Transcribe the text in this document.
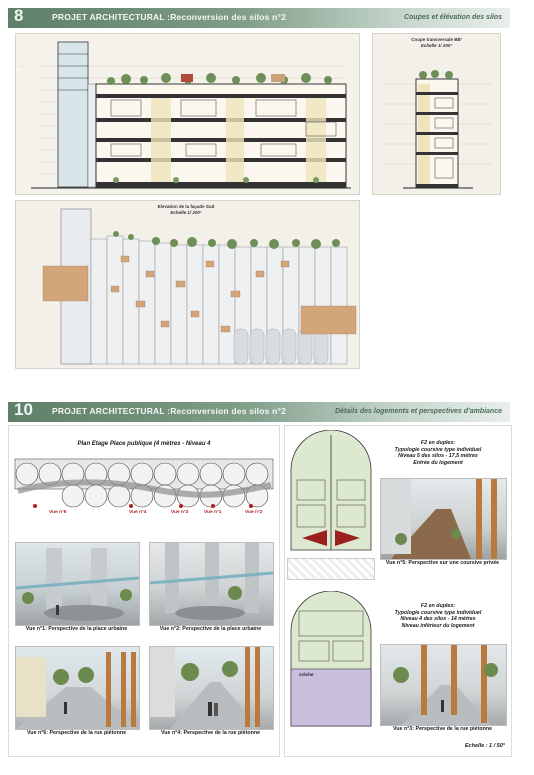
8	PROJET ARCHITECTURAL :Reconversion des silos n°2	Coupes et élévation des silos
—
Coupe transversale BB'
Echelle 1/ 200°
Elevation de la façade Sud
Echelle 1/ 200°
10 PROJET ARCHITECTURAL :Reconversion des silos n°2	Détails des logements et perspectives d'ambiance
Plan Etage Place publique (4 mètres - Niveau 4
Vue n°6	Vue n°4	Vue n°2	Vue n°1	Vue n°2
Vue n°1: Perspective de la place urbaine	Vue n°2: Perspective de la place urbaine
Vue n°6: Perspective de la rue piétonne	Vue n°4: Perspective de la rue piétonne
F2 en duplex:
Typologie coursive type individuel
Niveau 5 des silos - 17,5 mètres
Entrée du logement
Vue n°5: Perspective sur une coursive privée
crèche
F2 en duplex:
Typologie coursive type individuel
Niveau 4 des silos - 14 mètres
Niveau inférieur du logement
Vue n°3: Perspective de la rue piétonne
Echelle : 1 / 50°
